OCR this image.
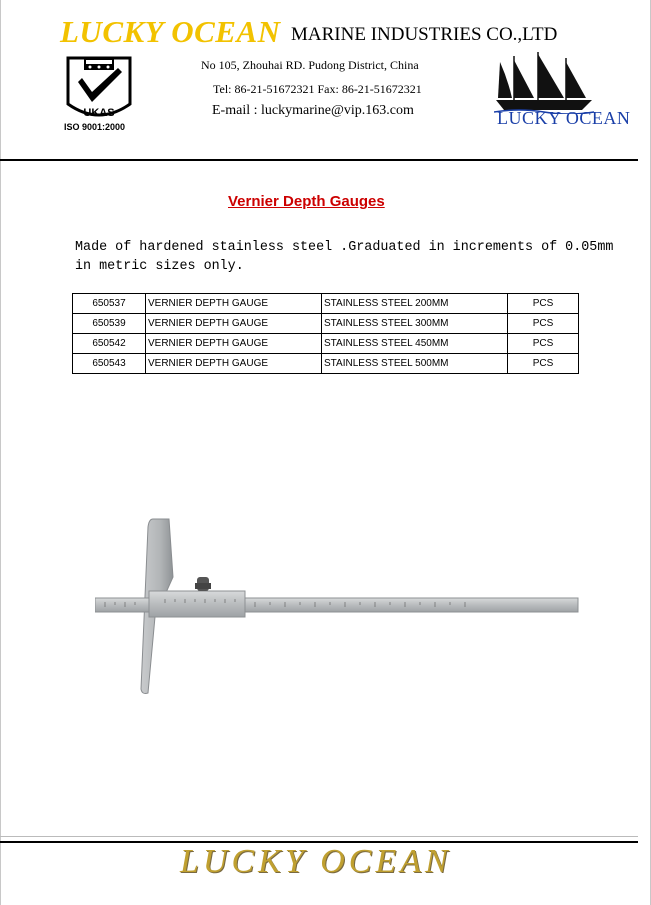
LUCKY OCEAN MARINE INDUSTRIES CO.,LTD
UKAS
ISO 9001:2000
No 105, Zhouhai RD. Pudong District, China
Tel: 86-21-51672321 Fax: 86-21-51672321
E-mail : luckymarine@vip.163.com	LUCKY OCEAN
Vernier Depth Gauges
Made of hardened stainless steel .Graduated in increments of 0.05mm in metric sizes only.
650537	VERNIER DEPTH GAUGE	STAINLESS STEEL 200MM	PCS
650539	VERNIER DEPTH GAUGE	STAINLESS STEEL 300MM	PCS
650542	VERNIER DEPTH GAUGE	STAINLESS STEEL 450MM	PCS
650543	VERNIER DEPTH GAUGE	STAINLESS STEEL 500MM	PCS
LUCKY OCEAN
